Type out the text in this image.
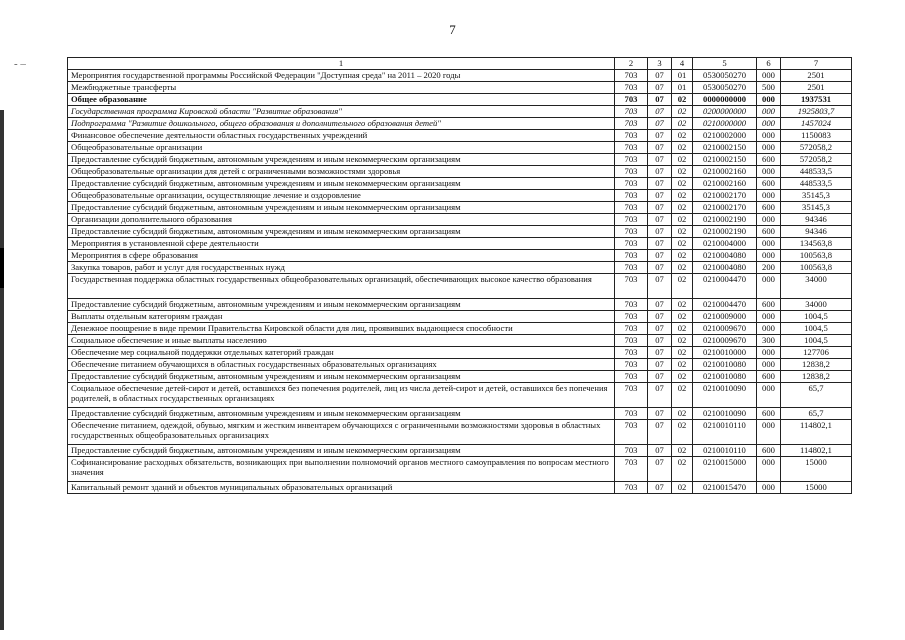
7
- –	1	2	3	4	5	6	7
Мероприятия государственной программы Российской Федерации "Доступная среда" на 2011 – 2020 годы	703	07	01	0530050270	000	2501
Межбюджетные трансферты	703	07	01	0530050270	500	2501
Общее образование	703	07	02	0000000000	000	1937531
Государственная программа Кировской области "Развитие образования"	703	07	02	0200000000	000	1925803,7
Подпрограмма "Развитие дошкольного, общего образования и дополнительного образования детей"	703	07	02	0210000000	000	1457024
Финансовое обеспечение деятельности областных государственных учреждений	703	07	02	0210002000	000	1150083
Общеобразовательные организации	703	07	02	0210002150	000	572058,2
Предоставление субсидий бюджетным, автономным учреждениям и иным некоммерческим организациям	703	07	02	0210002150	600	572058,2
Общеобразовательные организации для детей с ограниченными возможностями здоровья	703	07	02	0210002160	000	448533,5
Предоставление субсидий бюджетным, автономным учреждениям и иным некоммерческим организациям	703	07	02	0210002160	600	448533,5
Общеобразовательные организации, осуществляющие лечение и оздоровление	703	07	02	0210002170	000	35145,3
Предоставление субсидий бюджетным, автономным учреждениям и иным некоммерческим организациям	703	07	02	0210002170	600	35145,3
Организации дополнительного образования	703	07	02	0210002190	000	94346
Предоставление субсидий бюджетным, автономным учреждениям и иным некоммерческим организациям	703	07	02	0210002190	600	94346
Мероприятия в установленной сфере деятельности	703	07	02	0210004000	000	134563,8
Мероприятия в сфере образования	703	07	02	0210004080	000	100563,8
Закупка товаров, работ и услуг для государственных нужд	703	07	02	0210004080	200	100563,8
Государственная поддержка областных государственных общеобразовательных организаций, обеспечивающих высокое качество образования	703	07	02	0210004470	000	34000
Предоставление субсидий бюджетным, автономным учреждениям и иным некоммерческим организациям	703	07	02	0210004470	600	34000
Выплаты отдельным категориям граждан	703	07	02	0210009000	000	1004,5
Денежное поощрение в виде премии Правительства Кировской области для лиц, проявивших выдающиеся способности	703	07	02	0210009670	000	1004,5
Социальное обеспечение и иные выплаты населению	703	07	02	0210009670	300	1004,5
Обеспечение мер социальной поддержки отдельных категорий граждан	703	07	02	0210010000	000	127706
Обеспечение питанием обучающихся в областных государственных образовательных организациях	703	07	02	0210010080	000	12838,2
Предоставление субсидий бюджетным, автономным учреждениям и иным некоммерческим организациям	703	07	02	0210010080	600	12838,2
Социальное обеспечение детей-сирот и детей, оставшихся без попечения родителей, лиц из числа детей-сирот и детей, оставшихся без попечения родителей, в областных государственных организациях	703	07	02	0210010090	000	65,7
Предоставление субсидий бюджетным, автономным учреждениям и иным некоммерческим организациям	703	07	02	0210010090	600	65,7
Обеспечение питанием, одеждой, обувью, мягким и жестким инвентарем обучающихся с ограниченными возможностями здоровья в областных государственных общеобразовательных организациях	703	07	02	0210010110	000	114802,1
Предоставление субсидий бюджетным, автономным учреждениям и иным некоммерческим организациям	703	07	02	0210010110	600	114802,1
Софинансирование расходных обязательств, возникающих при выполнении полномочий органов местного самоуправления по вопросам местного значения	703	07	02	0210015000	000	15000
Капитальный ремонт зданий и объектов муниципальных образовательных организаций	703	07	02	0210015470	000	15000
